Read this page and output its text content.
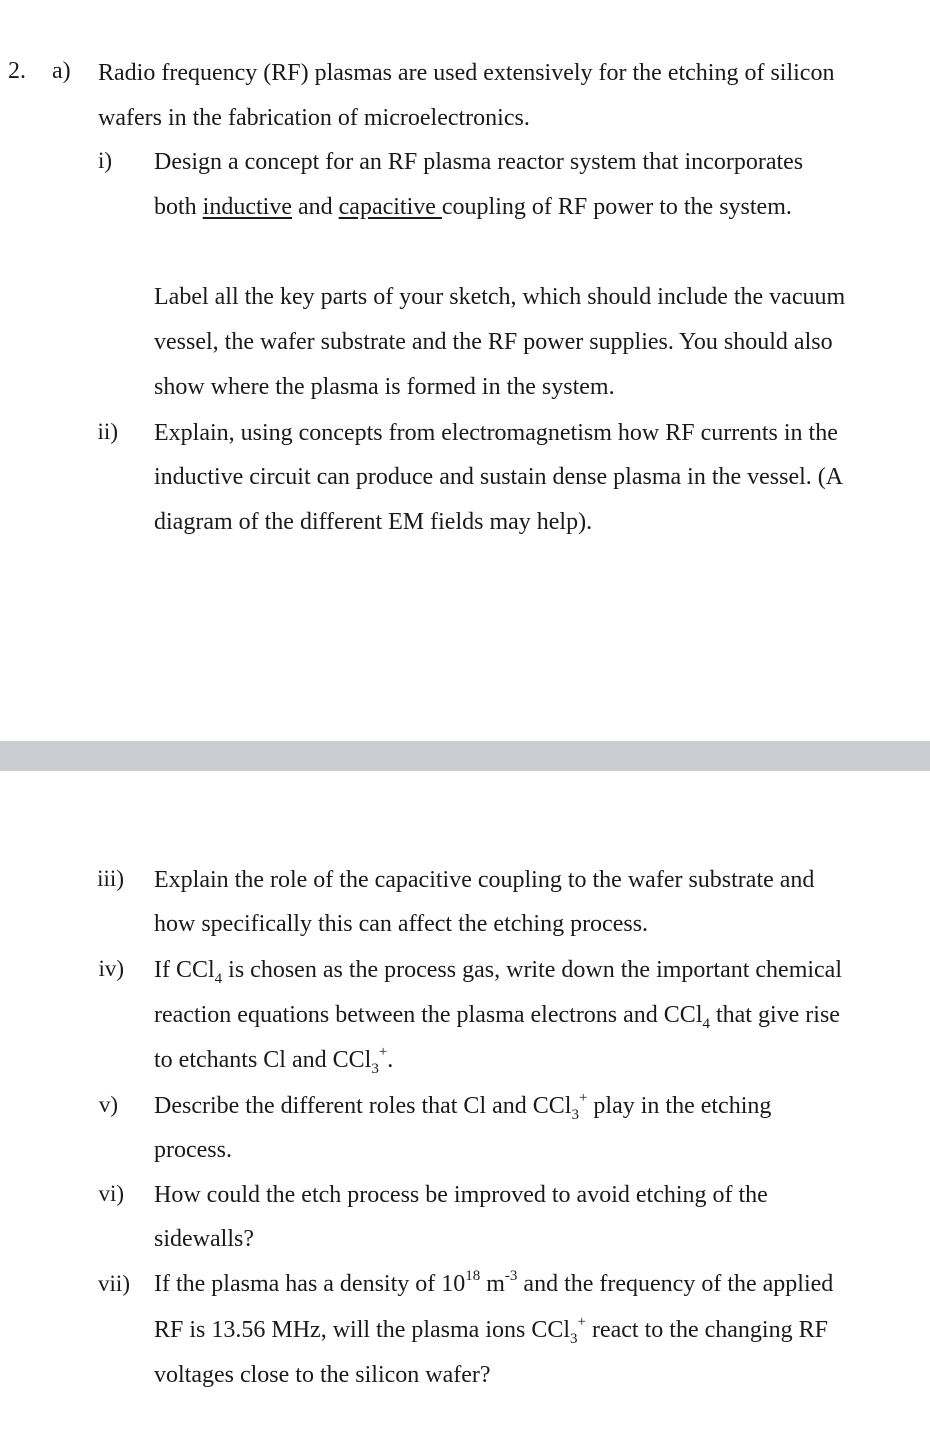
2. a) Radio frequency (RF) plasmas are used extensively for the etching of silicon
wafers in the fabrication of microelectronics.
i) Design a concept for an RF plasma reactor system that incorporates
both inductive and capacitive coupling of RF power to the system.
Label all the key parts of your sketch, which should include the vacuum
vessel, the wafer substrate and the RF power supplies. You should also
show where the plasma is formed in the system.
ii) Explain, using concepts from electromagnetism how RF currents in the
inductive circuit can produce and sustain dense plasma in the vessel. (A
diagram of the different EM fields may help).
iii) Explain the role of the capacitive coupling to the wafer substrate and
how specifically this can affect the etching process.
iv) If CCl$_4$ is chosen as the process gas, write down the important chemical
reaction equations between the plasma electrons and CCl$_4$ that give rise
to etchants Cl and CCl$_3$+.
v) Describe the different roles that Cl and CCl$_3$+ play in the etching
process.
vi) How could the etch process be improved to avoid etching of the
sidewalls?
vii) If the plasma has a density of $10^{18}$ $m^{-3}$ and the frequency of the applied
RF is 13.56 MHz, will the plasma ions CCl$_3$+ react to the changing RF
voltages close to the silicon wafer?
